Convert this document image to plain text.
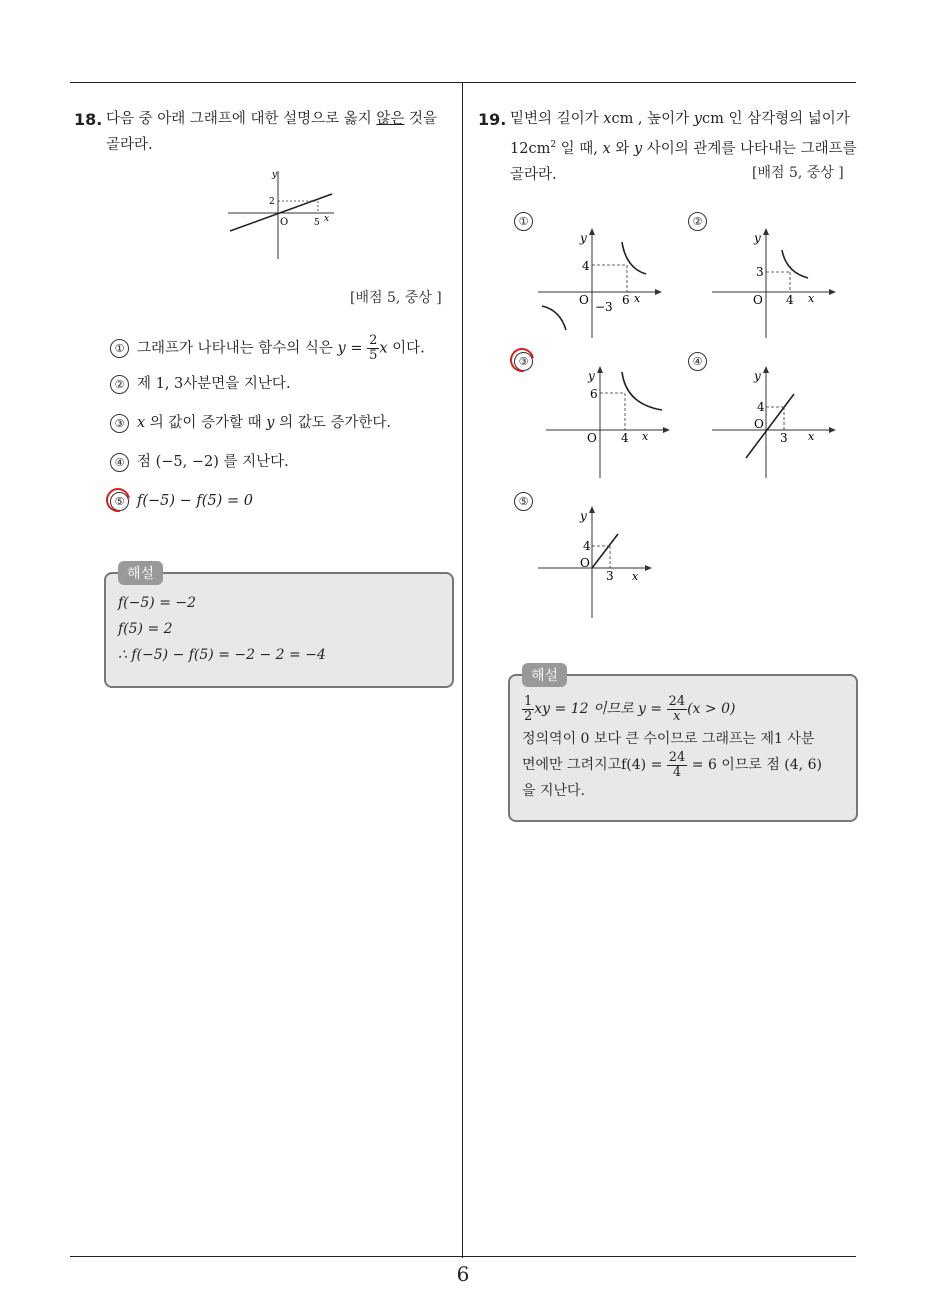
6
18. 다음 중 아래 그래프에 대한 설명으로 옳지 않은 것을
골라라.
y
x
O
2
5
[배점 5, 중상 ]
① 그래프가 나타내는 함수의 식은 $y = \frac{2}{5}$ x 이다.
② 제 1, 3사분면을 지난다.
③ x 의 값이 증가할 때 y 의 값도 증가한다.
④ 점 (−5, −2) 를 지난다.
⑤ f(−5) − f(5) = 0
해설
f(−5) = −2
f(5) = 2
∴ f(−5) − f(5) = −2 − 2 = −4
19. 밑변의 길이가 xcm , 높이가 ycm 인 삼각형의 넓이가
$12cm^2$ 일 때, x 와 y 사이의 관계를 나타내는 그래프를
골라라.	[배점 5, 중상 ]
①
y
x
O
4
6
−3
②
y
x
O
3
4
③
y
x
O
6
4
④
y
x
O
4
3
⑤
y
x
O
4
3
해설
$\frac{1}{2}$ xy = 12 이므로 $y = \frac{24}{x} (x > 0)$
정의역이 0 보다 큰 수이므로 그래프는 제1 사분
면에만 그려지고$f(4) = \frac{24}{4} = 6$ 이므로 점 (4, 6)
을 지난다.
